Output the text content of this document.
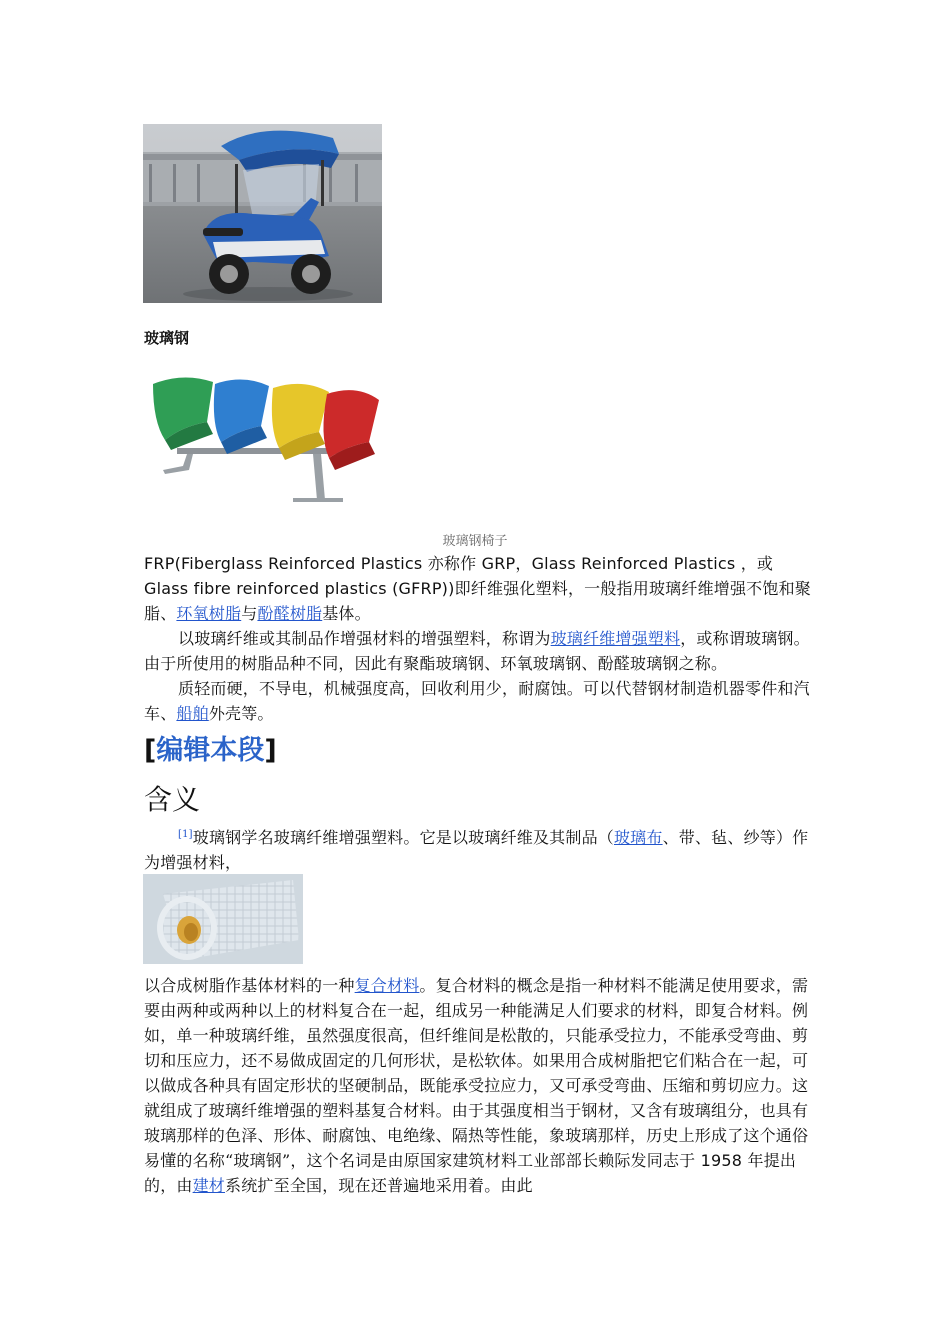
玻璃钢
玻璃钢椅子

FRP(Fiberglass Reinforced Plastics 亦称作 GRP，Glass Reinforced Plastics ，或 Glass fibre reinforced plastics (GFRP))即纤维强化塑料，一般指用玻璃纤维增强不饱和聚脂、环氧树脂与酚醛树脂基体。

以玻璃纤维或其制品作增强材料的增强塑料，称谓为玻璃纤维增强塑料，或称谓玻璃钢。由于所使用的树脂品种不同，因此有聚酯玻璃钢、环氧玻璃钢、酚醛玻璃钢之称。

质轻而硬，不导电，机械强度高，回收利用少，耐腐蚀。可以代替钢材制造机器零件和汽车、船舶外壳等。

[编辑本段]
含义

[1]玻璃钢学名玻璃纤维增强塑料。它是以玻璃纤维及其制品（玻璃布、带、毡、纱等）作为增强材料，

以合成树脂作基体材料的一种复合材料。复合材料的概念是指一种材料不能满足使用要求，需要由两种或两种以上的材料复合在一起，组成另一种能满足人们要求的材料，即复合材料。例如，单一种玻璃纤维，虽然强度很高，但纤维间是松散的，只能承受拉力，不能承受弯曲、剪切和压应力，还不易做成固定的几何形状，是松软体。如果用合成树脂把它们粘合在一起，可以做成各种具有固定形状的坚硬制品，既能承受拉应力，又可承受弯曲、压缩和剪切应力。这就组成了玻璃纤维增强的塑料基复合材料。由于其强度相当于钢材，又含有玻璃组分，也具有玻璃那样的色泽、形体、耐腐蚀、电绝缘、隔热等性能，象玻璃那样，历史上形成了这个通俗易懂的名称“玻璃钢”，这个名词是由原国家建筑材料工业部部长赖际发同志于 1958 年提出的，由建材系统扩至全国，现在还普遍地采用着。由此
